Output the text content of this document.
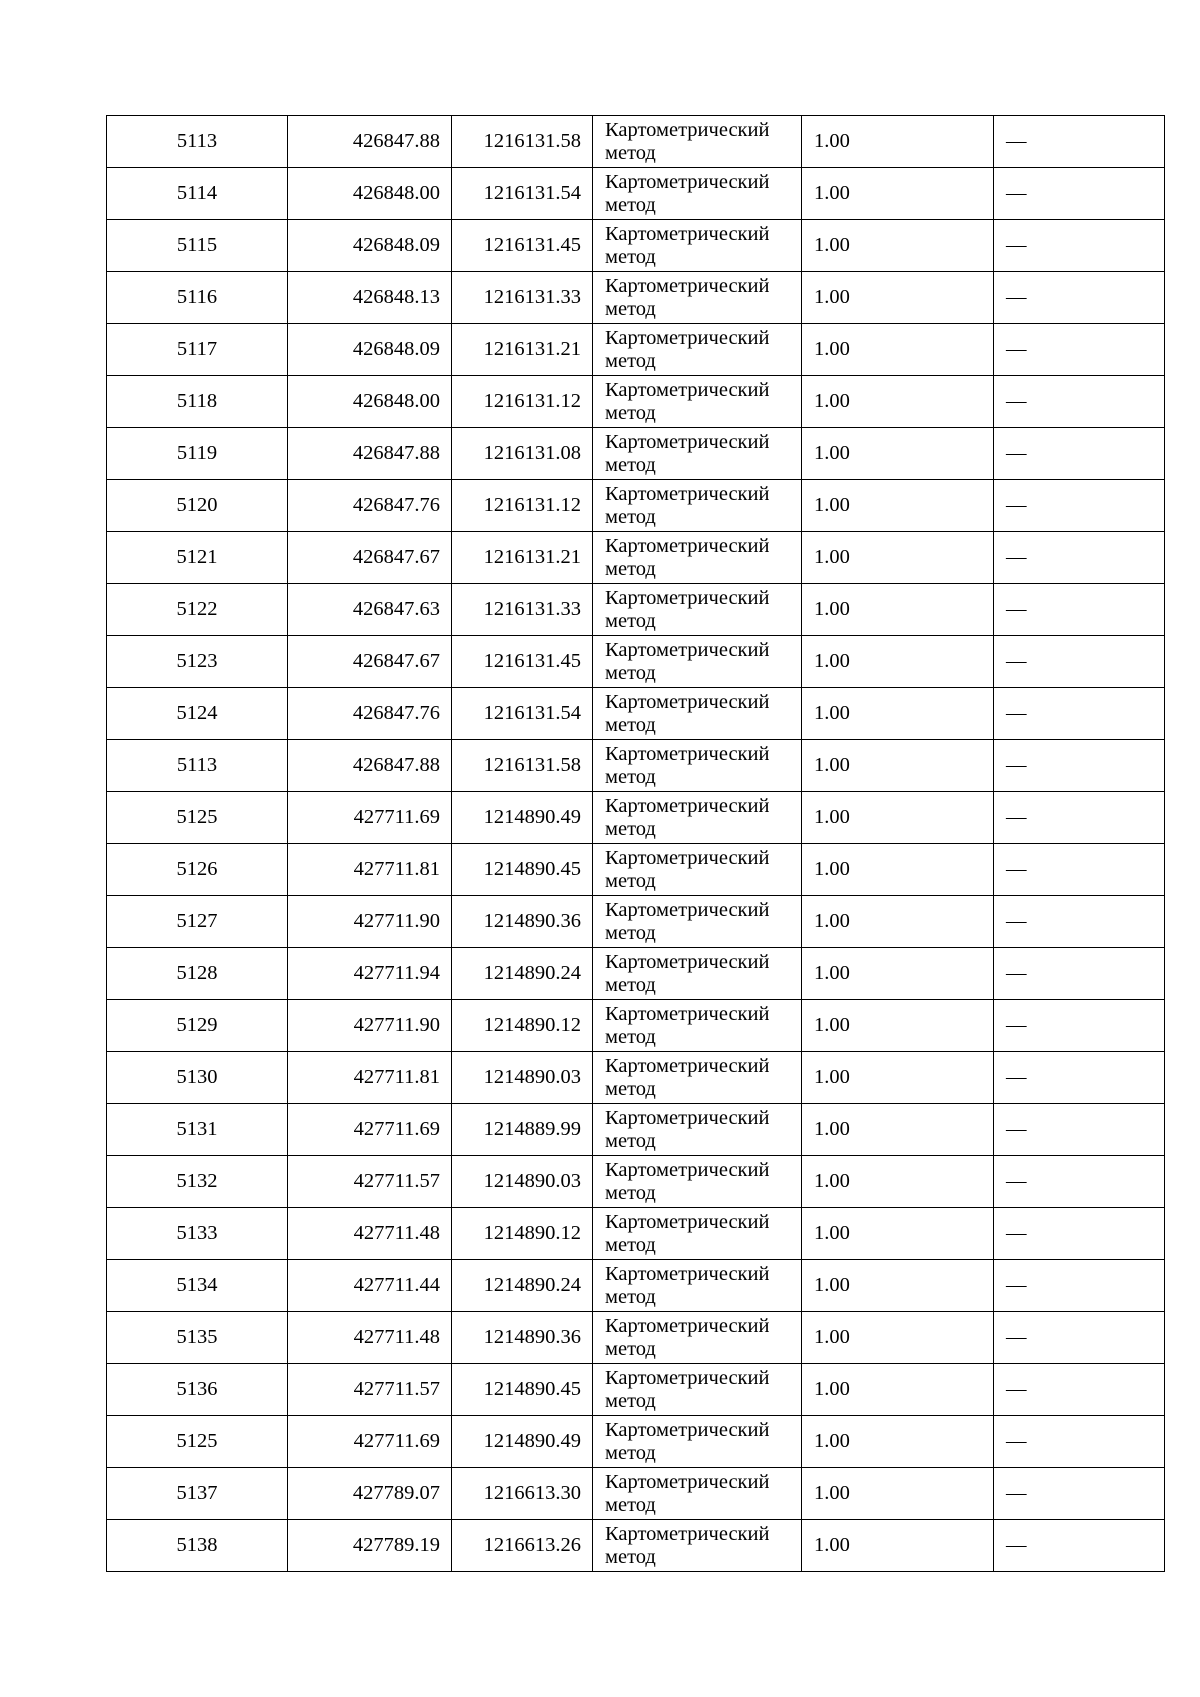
5113	426847.88	1216131.58	Картометрический метод	1.00	—
5114	426848.00	1216131.54	Картометрический метод	1.00	—
5115	426848.09	1216131.45	Картометрический метод	1.00	—
5116	426848.13	1216131.33	Картометрический метод	1.00	—
5117	426848.09	1216131.21	Картометрический метод	1.00	—
5118	426848.00	1216131.12	Картометрический метод	1.00	—
5119	426847.88	1216131.08	Картометрический метод	1.00	—
5120	426847.76	1216131.12	Картометрический метод	1.00	—
5121	426847.67	1216131.21	Картометрический метод	1.00	—
5122	426847.63	1216131.33	Картометрический метод	1.00	—
5123	426847.67	1216131.45	Картометрический метод	1.00	—
5124	426847.76	1216131.54	Картометрический метод	1.00	—
5113	426847.88	1216131.58	Картометрический метод	1.00	—
5125	427711.69	1214890.49	Картометрический метод	1.00	—
5126	427711.81	1214890.45	Картометрический метод	1.00	—
5127	427711.90	1214890.36	Картометрический метод	1.00	—
5128	427711.94	1214890.24	Картометрический метод	1.00	—
5129	427711.90	1214890.12	Картометрический метод	1.00	—
5130	427711.81	1214890.03	Картометрический метод	1.00	—
5131	427711.69	1214889.99	Картометрический метод	1.00	—
5132	427711.57	1214890.03	Картометрический метод	1.00	—
5133	427711.48	1214890.12	Картометрический метод	1.00	—
5134	427711.44	1214890.24	Картометрический метод	1.00	—
5135	427711.48	1214890.36	Картометрический метод	1.00	—
5136	427711.57	1214890.45	Картометрический метод	1.00	—
5125	427711.69	1214890.49	Картометрический метод	1.00	—
5137	427789.07	1216613.30	Картометрический метод	1.00	—
5138	427789.19	1216613.26	Картометрический метод	1.00	—
